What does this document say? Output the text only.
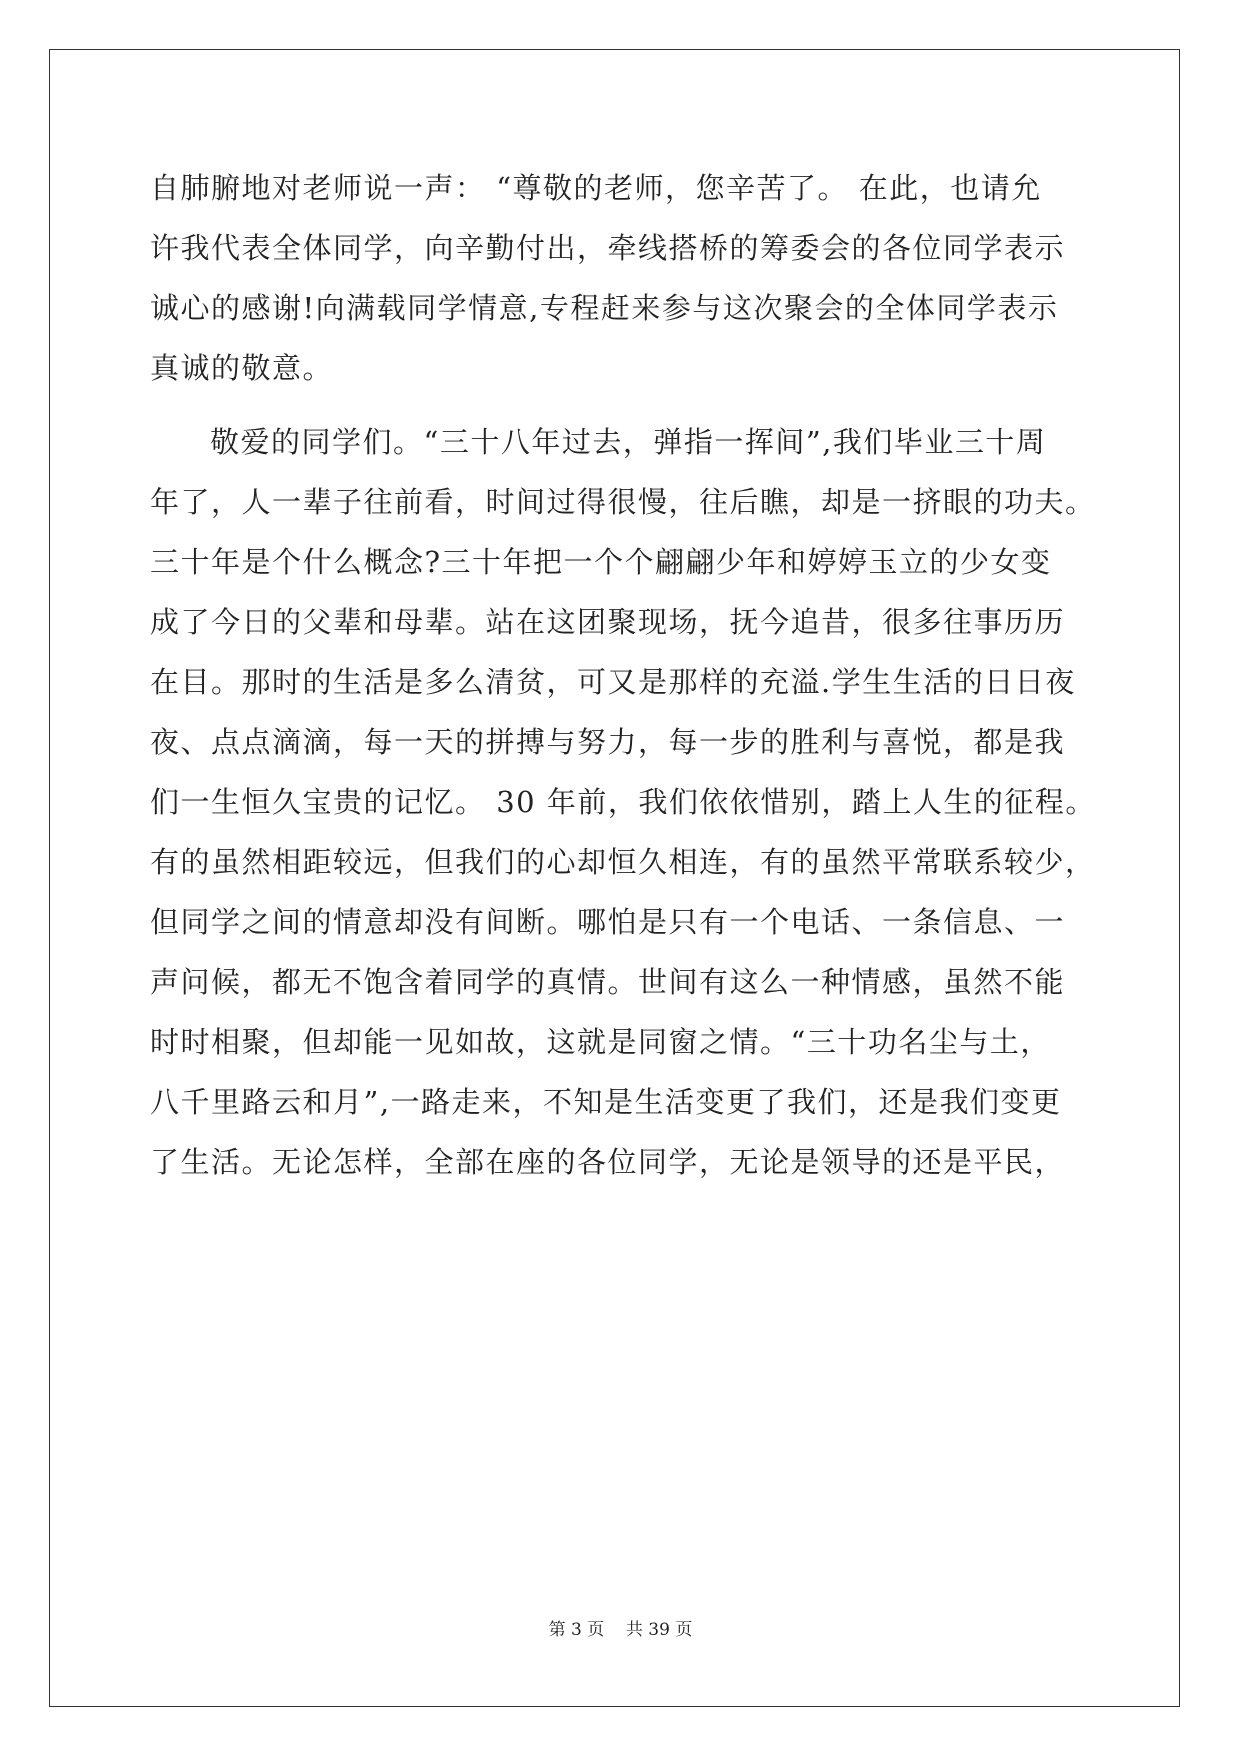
自肺腑地对老师说一声： “尊敬的老师，您辛苦了。 在此，也请允
许我代表全体同学，向辛勤付出，牵线搭桥的筹委会的各位同学表示
诚心的感谢!向满载同学情意,专程赶来参与这次聚会的全体同学表示
真诚的敬意。
敬爱的同学们。“三十八年过去，弹指一挥间”,我们毕业三十周
年了，人一辈子往前看，时间过得很慢，往后瞧，却是一挤眼的功夫。
三十年是个什么概念?三十年把一个个翩翩少年和婷婷玉立的少女变
成了今日的父辈和母辈。站在这团聚现场，抚今追昔，很多往事历历
在目。那时的生活是多么清贫，可又是那样的充溢.学生生活的日日夜
夜、点点滴滴，每一天的拼搏与努力，每一步的胜利与喜悦，都是我
们一生恒久宝贵的记忆。 30 年前，我们依依惜别，踏上人生的征程。
有的虽然相距较远，但我们的心却恒久相连，有的虽然平常联系较少，
但同学之间的情意却没有间断。哪怕是只有一个电话、一条信息、一
声问候，都无不饱含着同学的真情。世间有这么一种情感，虽然不能
时时相聚，但却能一见如故，这就是同窗之情。“三十功名尘与土，
八千里路云和月”,一路走来，不知是生活变更了我们，还是我们变更
了生活。无论怎样，全部在座的各位同学，无论是领导的还是平民，
第 3 页    共 39 页
